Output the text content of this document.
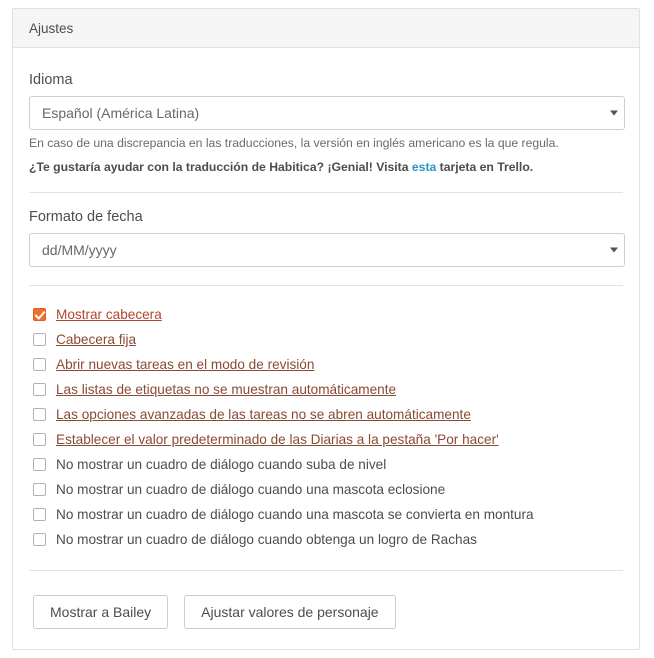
Ajustes
Idioma
Español (América Latina)
En caso de una discrepancia en las traducciones, la versión en inglés americano es la que regula.
¿Te gustaría ayudar con la traducción de Habitica? ¡Genial! Visita esta tarjeta en Trello.
Formato de fecha
dd/MM/yyyy
Mostrar cabecera
Cabecera fija
Abrir nuevas tareas en el modo de revisión
Las listas de etiquetas no se muestran automáticamente
Las opciones avanzadas de las tareas no se abren automáticamente
Establecer el valor predeterminado de las Diarias a la pestaña 'Por hacer'
No mostrar un cuadro de diálogo cuando suba de nivel
No mostrar un cuadro de diálogo cuando una mascota eclosione
No mostrar un cuadro de diálogo cuando una mascota se convierta en montura
No mostrar un cuadro de diálogo cuando obtenga un logro de Rachas
Mostrar a Bailey	Ajustar valores de personaje
